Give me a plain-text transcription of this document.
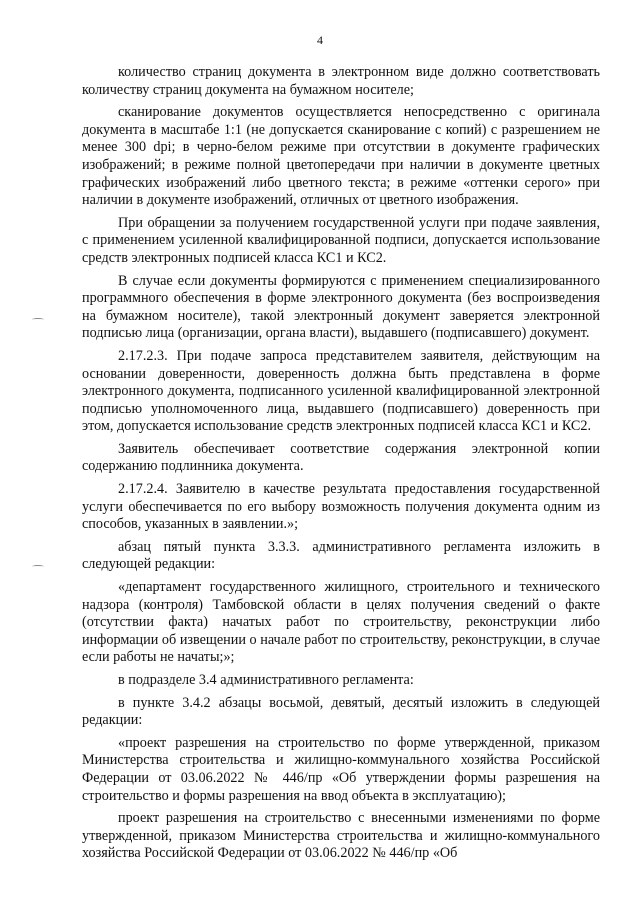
4

количество страниц документа в электронном виде должно соответствовать количеству страниц документа на бумажном носителе;

сканирование документов осуществляется непосредственно с оригинала документа в масштабе 1:1 (не допускается сканирование с копий) с разрешением не менее 300 dpi; в черно-белом режиме при отсутствии в документе графических изображений; в режиме полной цветопередачи при наличии в документе цветных графических изображений либо цветного текста; в режиме «оттенки серого» при наличии в документе изображений, отличных от цветного изображения.

При обращении за получением государственной услуги при подаче заявления, с применением усиленной квалифицированной подписи, допускается использование средств электронных подписей класса КС1 и КС2.

В случае если документы формируются с применением специализированного программного обеспечения в форме электронного документа (без воспроизведения на бумажном носителе), такой электронный документ заверяется электронной подписью лица (организации, органа власти), выдавшего (подписавшего) документ.

2.17.2.3. При подаче запроса представителем заявителя, действующим на основании доверенности, доверенность должна быть представлена в форме электронного документа, подписанного усиленной квалифицированной электронной подписью уполномоченного лица, выдавшего (подписавшего) доверенность при этом, допускается использование средств электронных подписей класса КС1 и КС2.

Заявитель обеспечивает соответствие содержания электронной копии содержанию подлинника документа.

2.17.2.4. Заявителю в качестве результата предоставления государственной услуги обеспечивается по его выбору возможность получения документа одним из способов, указанных в заявлении.»;

абзац пятый пункта 3.3.3. административного регламента изложить в следующей редакции:

«департамент государственного жилищного, строительного и технического надзора (контроля) Тамбовской области в целях получения сведений о факте (отсутствии факта) начатых работ по строительству, реконструкции либо информации об извещении о начале работ по строительству, реконструкции, в случае если работы не начаты;»;

в подразделе 3.4 административного регламента:

в пункте 3.4.2 абзацы восьмой, девятый, десятый изложить в следующей редакции:

«проект разрешения на строительство по форме утвержденной, приказом Министерства строительства и жилищно-коммунального хозяйства Российской Федерации от 03.06.2022 № 446/пр «Об утверждении формы разрешения на строительство и формы разрешения на ввод объекта в эксплуатацию);

проект разрешения на строительство с внесенными изменениями по форме утвержденной, приказом Министерства строительства и жилищно-коммунального хозяйства Российской Федерации от 03.06.2022 № 446/пр «Об
